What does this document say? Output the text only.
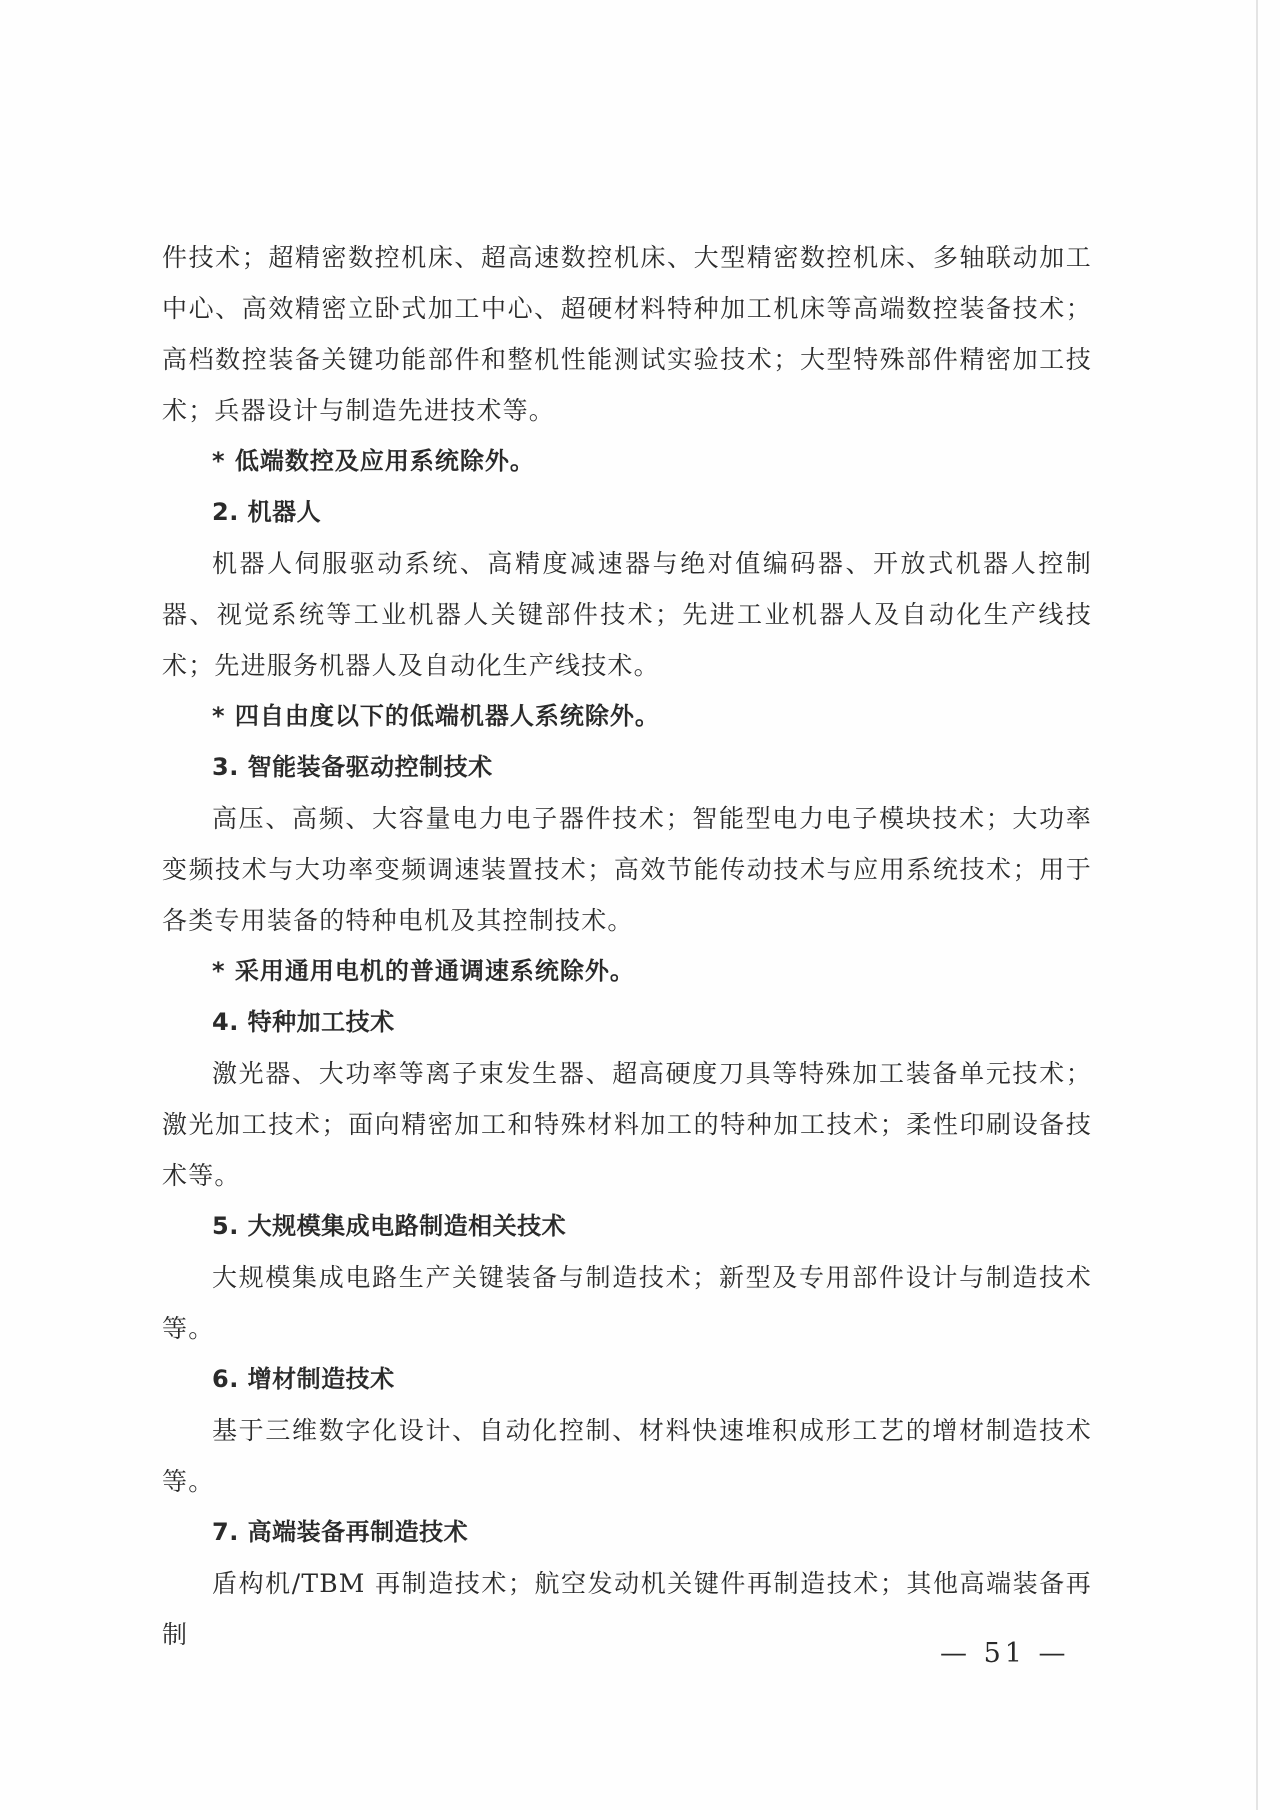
件技术；超精密数控机床、超高速数控机床、大型精密数控机床、多轴联动加工中心、高效精密立卧式加工中心、超硬材料特种加工机床等高端数控装备技术；高档数控装备关键功能部件和整机性能测试实验技术；大型特殊部件精密加工技术；兵器设计与制造先进技术等。

* 低端数控及应用系统除外。

2. 机器人

机器人伺服驱动系统、高精度减速器与绝对值编码器、开放式机器人控制器、视觉系统等工业机器人关键部件技术；先进工业机器人及自动化生产线技术；先进服务机器人及自动化生产线技术。

* 四自由度以下的低端机器人系统除外。

3. 智能装备驱动控制技术

高压、高频、大容量电力电子器件技术；智能型电力电子模块技术；大功率变频技术与大功率变频调速装置技术；高效节能传动技术与应用系统技术；用于各类专用装备的特种电机及其控制技术。

* 采用通用电机的普通调速系统除外。

4. 特种加工技术

激光器、大功率等离子束发生器、超高硬度刀具等特殊加工装备单元技术；激光加工技术；面向精密加工和特殊材料加工的特种加工技术；柔性印刷设备技术等。

5. 大规模集成电路制造相关技术

大规模集成电路生产关键装备与制造技术；新型及专用部件设计与制造技术等。

6. 增材制造技术

基于三维数字化设计、自动化控制、材料快速堆积成形工艺的增材制造技术等。

7. 高端装备再制造技术

盾构机/TBM 再制造技术；航空发动机关键件再制造技术；其他高端装备再制

— 51 —
